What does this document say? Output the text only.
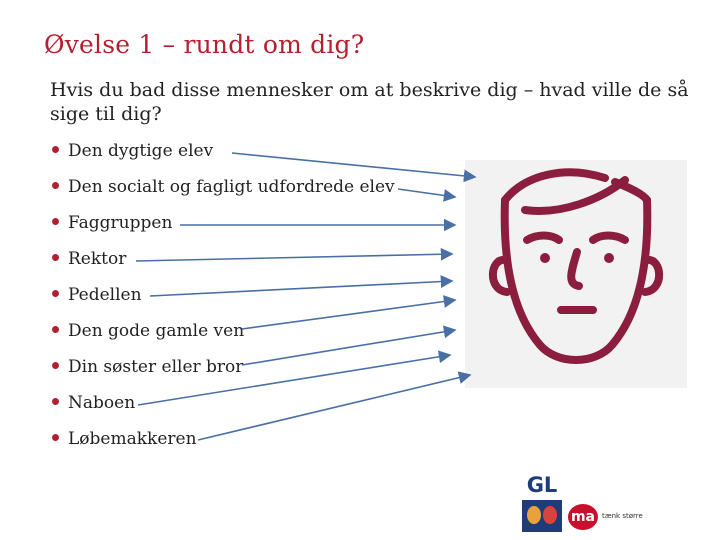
Øvelse 1 – rundt om dig?
Hvis du bad disse mennesker om at beskrive dig – hvad ville de så sige til dig?
Den dygtige elev
Den socialt og fagligt udfordrede elev
Faggruppen
Rektor
Pedellen
Den gode gamle ven
Din søster eller bror
Naboen
Løbemakkeren
GL
ma tænk større
